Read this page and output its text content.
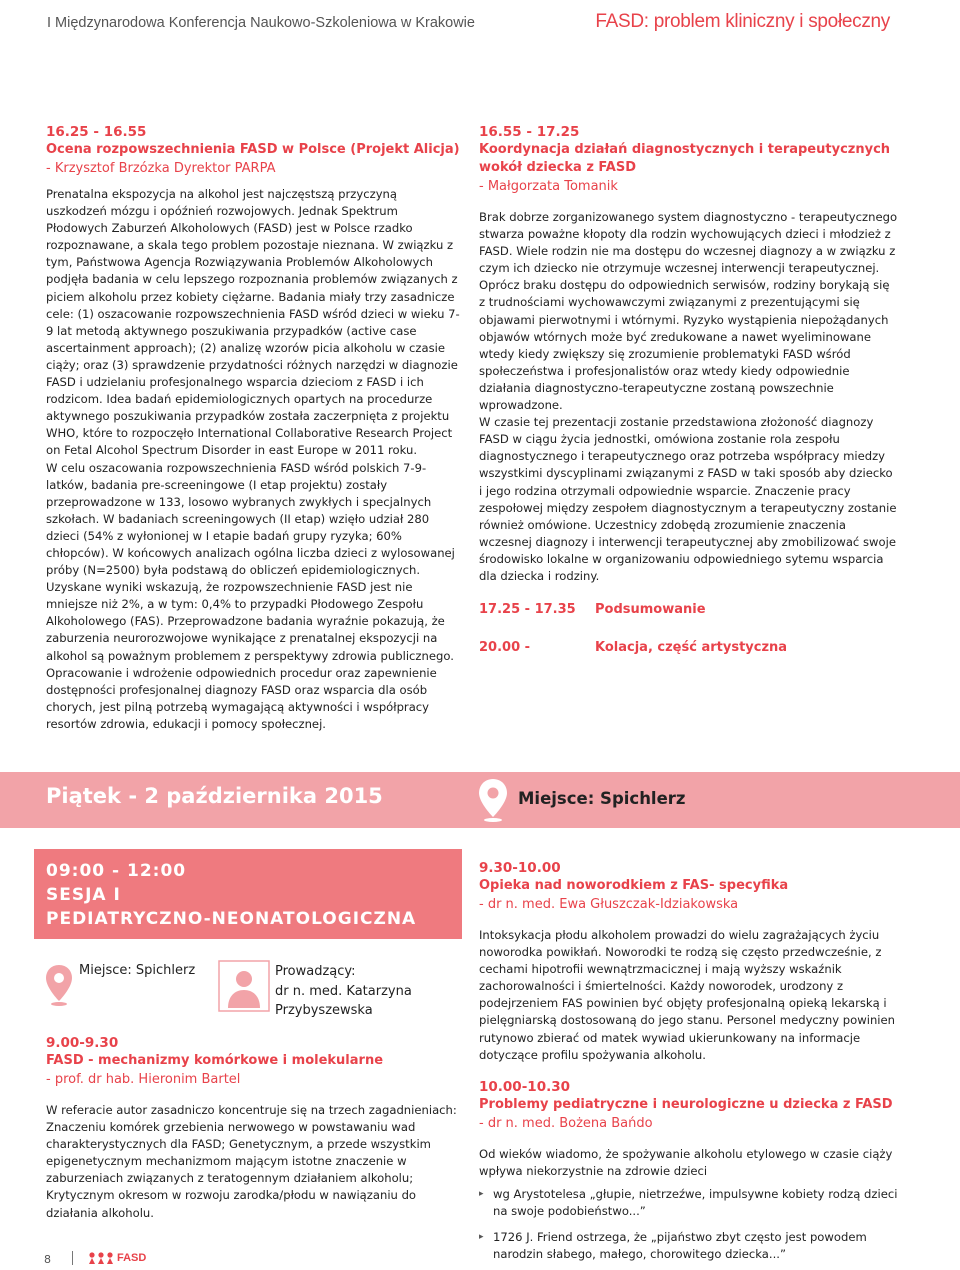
I Międzynarodowa Konferencja Naukowo-Szkoleniowa w Krakowie	FASD: problem kliniczny i społeczny
16.25 - 16.55
Ocena rozpowszechnienia FASD w Polsce (Projekt Alicja)
- Krzysztof Brzózka Dyrektor PARPA

Prenatalna ekspozycja na alkohol jest najczęstszą przyczyną uszkodzeń mózgu i opóźnień rozwojowych. Jednak Spektrum Płodowych Zaburzeń Alkoholowych (FASD) jest w Polsce rzadko rozpoznawane, a skala tego problem pozostaje nieznana. W związku z tym, Państwowa Agencja Rozwiązywania Problemów Alkoholowych podjęła badania w celu lepszego rozpoznania problemów związanych z piciem alkoholu przez kobiety ciężarne. Badania miały trzy zasadnicze cele: (1) oszacowanie rozpowszechnienia FASD wśród dzieci w wieku 7-9 lat metodą aktywnego poszukiwania przypadków (active case ascertainment approach); (2) analizę wzorów picia alkoholu w czasie ciąży; oraz (3) sprawdzenie przydatności różnych narzędzi w diagnozie FASD i udzielaniu profesjonalnego wsparcia dzieciom z FASD i ich rodzicom. Idea badań epidemiologicznych opartych na procedurze aktywnego poszukiwania przypadków została zaczerpnięta z projektu WHO, które to rozpoczęło International Collaborative Research Project on Fetal Alcohol Spectrum Disorder in east Europe w 2011 roku.

W celu oszacowania rozpowszechnienia FASD wśród polskich 7-9-latków, badania pre-screeningowe (I etap projektu) zostały przeprowadzone w 133, losowo wybranych zwykłych i specjalnych szkołach. W badaniach screeningowych (II etap) wzięło udział 280 dzieci (54% z wyłonionej w I etapie badań grupy ryzyka; 60% chłopców). W końcowych analizach ogólna liczba dzieci z wylosowanej próby (N=2500) była podstawą do obliczeń epidemiologicznych. Uzyskane wyniki wskazują, że rozpowszechnienie FASD jest nie mniejsze niż 2%, a w tym: 0,4% to przypadki Płodowego Zespołu Alkoholowego (FAS). Przeprowadzone badania wyraźnie pokazują, że zaburzenia neurorozwojowe wynikające z prenatalnej ekspozycji na alkohol są poważnym problemem z perspektywy zdrowia publicznego. Opracowanie i wdrożenie odpowiednich procedur oraz zapewnienie dostępności profesjonalnej diagnozy FASD oraz wsparcia dla osób chorych, jest pilną potrzebą wymagającą aktywności i współpracy resortów zdrowia, edukacji i pomocy społecznej.

16.55 - 17.25
Koordynacja działań diagnostycznych i terapeutycznych wokół dziecka z FASD
- Małgorzata Tomanik

Brak dobrze zorganizowanego system diagnostyczno - terapeutycznego stwarza poważne kłopoty dla rodzin wychowujących dzieci i młodzież z FASD. Wiele rodzin nie ma dostępu do wczesnej diagnozy a w związku z czym ich dziecko nie otrzymuje wczesnej interwencji terapeutycznej. Oprócz braku dostępu do odpowiednich serwisów, rodziny borykają się z trudnościami wychowawczymi związanymi z prezentującymi się objawami pierwotnymi i wtórnymi. Ryzyko wystąpienia niepożądanych objawów wtórnych może być zredukowane a nawet wyeliminowane wtedy kiedy zwiększy się zrozumienie problematyki FASD wśród społeczeństwa i profesjonalistów oraz wtedy kiedy odpowiednie działania diagnostyczno-terapeutyczne zostaną powszechnie wprowadzone.

W czasie tej prezentacji zostanie przedstawiona złożoność diagnozy FASD w ciągu życia jednostki, omówiona zostanie rola zespołu diagnostycznego i terapeutycznego oraz potrzeba współpracy miedzy wszystkimi dyscyplinami związanymi z FASD w taki sposób aby dziecko i jego rodzina otrzymali odpowiednie wsparcie. Znaczenie pracy zespołowej między zespołem diagnostycznym a terapeutyczny zostanie również omówione. Uczestnicy zdobędą zrozumienie znaczenia wczesnej diagnozy i interwencji terapeutycznej aby zmobilizować swoje środowisko lokalne w organizowaniu odpowiedniego sytemu wsparcia dla dziecka i rodziny.

17.25 - 17.35	Podsumowanie
20.00 -	Kolacja, część artystyczna
Piątek - 2 października 2015	Miejsce: Spichlerz
09:00 - 12:00
SESJA I
PEDIATRYCZNO-NEONATOLOGICZNA
Miejsce: Spichlerz	Prowadzący:
dr n. med. Katarzyna Przybyszewska
9.00-9.30
FASD - mechanizmy komórkowe i molekularne
- prof. dr hab. Hieronim Bartel

W referacie autor zasadniczo koncentruje się na trzech zagadnieniach: Znaczeniu komórek grzebienia nerwowego w powstawaniu wad charakterystycznych dla FASD; Genetycznym, a przede wszystkim epigenetycznym mechanizmom mającym istotne znaczenie w zaburzeniach związanych z teratogennym działaniem alkoholu; Krytycznym okresom w rozwoju zarodka/płodu w nawiązaniu do działania alkoholu.

9.30-10.00
Opieka nad noworodkiem z FAS- specyfika
- dr n. med. Ewa Głuszczak-Idziakowska

Intoksykacja płodu alkoholem prowadzi do wielu zagrażających życiu noworodka powikłań. Noworodki te rodzą się często przedwcześnie, z cechami hipotrofii wewnątrzmacicznej i mają wyższy wskaźnik zachorowalności i śmiertelności. Każdy noworodek, urodzony z podejrzeniem FAS powinien być objęty profesjonalną opieką lekarską i pielęgniarską dostosowaną do jego stanu. Personel medyczny powinien rutynowo zbierać od matek wywiad ukierunkowany na informacje dotyczące profilu spożywania alkoholu.

10.00-10.30
Problemy pediatryczne i neurologiczne u dziecka z FASD
- dr n. med. Bożena Bańdo

Od wieków wiadomo, że spożywanie alkoholu etylowego w czasie ciąży wpływa niekorzystnie na zdrowie dzieci

▸ wg Arystotelesa „głupie, nietrzeźwe, impulsywne kobiety rodzą dzieci na swoje podobieństwo...”
▸ 1726 J. Friend ostrzega, że „pijaństwo zbyt często jest powodem narodzin słabego, małego, chorowitego dziecka...”
8	FASD
